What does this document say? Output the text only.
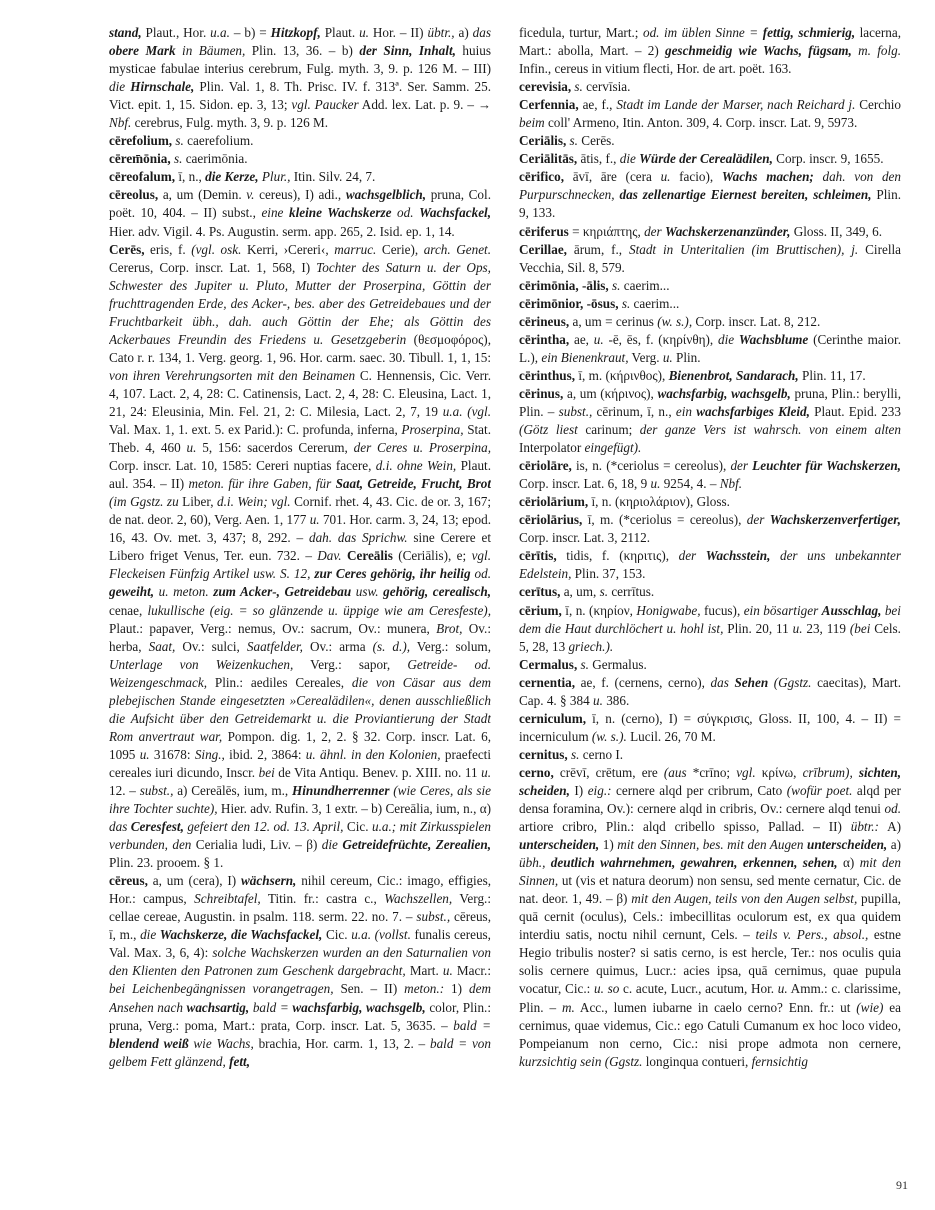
stand, Plaut., Hor. u.a. – b) = Hitzkopf, Plaut. u. Hor. – II) übtr., a) das obere Mark in Bäumen, Plin. 13, 36. – b) der Sinn, Inhalt, huius mysticae fabulae interius cerebrum, Fulg. myth. 3, 9. p. 126 M. – III) die Hirnschale, Plin. Val. 1, 8. Th. Prisc. IV. f. 313ª. Ser. Samm. 25. Vict. epit. 1, 15. Sidon. ep. 3, 13; vgl. Paucker Add. lex. Lat. p. 9. – → Nbf. cerebrus, Fulg. myth. 3, 9. p. 126 M.

cērefolium, s. caerefolium.

cērem̄ōnia, s. caerimōnia.

cēreofalum, ī, n., die Kerze, Plur., Itin. Silv. 24, 7.

cēreolus, a, um (Demin. v. cereus), I) adi., wachsgelblich, pruna, Col. poët. 10, 404. – II) subst., eine kleine Wachskerze od. Wachsfackel, Hier. adv. Vigil. 4. Ps. Augustin. serm. app. 265, 2. Isid. ep. 1, 14.

Cerēs, eris, f. (vgl. osk. Kerri, ›Cereri‹, marruc. Cerie), arch. Genet. Cererus, Corp. inscr. Lat. 1, 568, I) Tochter des Saturn u. der Ops, Schwester des Jupiter u. Pluto, Mutter der Proserpina, Göttin der fruchttragenden Erde, des Acker-, bes. aber des Getreidebaues und der Fruchtbarkeit übh., dah. auch Göttin der Ehe; als Göttin des Ackerbaues Freundin des Friedens u. Gesetzgeberin (θεσμοφόρος), Cato r. r. 134, 1. Verg. georg. 1, 96. Hor. carm. saec. 30. Tibull. 1, 1, 15: von ihren Verehrungsorten mit den Beinamen C. Hennensis, Cic. Verr. 4, 107. Lact. 2, 4, 28: C. Catinensis, Lact. 2, 4, 28: C. Eleusina, Lact. 1, 21, 24: Eleusinia, Min. Fel. 21, 2: C. Milesia, Lact. 2, 7, 19 u.a. (vgl. Val. Max. 1, 1. ext. 5. ex Parid.): C. profunda, inferna, Proserpina, Stat. Theb. 4, 460 u. 5, 156: sacerdos Cererum, der Ceres u. Proserpina, Corp. inscr. Lat. 10, 1585: Cereri nuptias facere, d.i. ohne Wein, Plaut. aul. 354. – II) meton. für ihre Gaben, für Saat, Getreide, Frucht, Brot (im Ggstz. zu Liber, d.i. Wein; vgl. Cornif. rhet. 4, 43. Cic. de or. 3, 167; de nat. deor. 2, 60), Verg. Aen. 1, 177 u. 701. Hor. carm. 3, 24, 13; epod. 16, 43. Ov. met. 3, 437; 8, 292. – dah. das Sprichw. sine Cerere et Libero friget Venus, Ter. eun. 732. – Dav. Cereālis (Ceriālis), e; vgl. Fleckeisen Fünfzig Artikel usw. S. 12, zur Ceres gehörig, ihr heilig od. geweiht, u. meton. zum Acker-, Getreidebau usw. gehörig, cerealisch, cenae, lukullische (eig. = so glänzende u. üppige wie am Ceresfeste), Plaut.: papaver, Verg.: nemus, Ov.: sacrum, Ov.: munera, Brot, Ov.: herba, Saat, Ov.: sulci, Saatfelder, Ov.: arma (s. d.), Verg.: solum, Unterlage von Weizenkuchen, Verg.: sapor, Getreide- od. Weizengeschmack, Plin.: aediles Cereales, die von Cäsar aus dem plebejischen Stande eingesetzten »Cerealädilen«, denen ausschließlich die Aufsicht über den Getreidemarkt u. die Proviantierung der Stadt Rom anvertraut war, Pompon. dig. 1, 2, 2. § 32. Corp. inscr. Lat. 6, 1095 u. 31678: Sing., ibid. 2, 3864: u. ähnl. in den Kolonien, praefecti cereales iuri dicundo, Inscr. bei de Vita Antiqu. Benev. p. XIII. no. 11 u. 12. – subst., a) Cereālēs, ium, m., Hinundherrenner (wie Ceres, als sie ihre Tochter suchte), Hier. adv. Rufin. 3, 1 extr. – b) Cereālia, ium, n., α) das Ceresfest, gefeiert den 12. od. 13. April, Cic. u.a.; mit Zirkusspielen verbunden, den Cerialia ludi, Liv. – β) die Getreidefrüchte, Zerealien, Plin. 23. prooem. § 1.

cēreus, a, um (cera), I) wächsern, nihil cereum, Cic.: imago, effigies, Hor.: campus, Schreibtafel, Titin. fr.: castra c., Wachszellen, Verg.: cellae cereae, Augustin. in psalm. 118. serm. 22. no. 7. – subst., cēreus, ī, m., die Wachskerze, die Wachsfackel, Cic. u.a. (vollst. funalis cereus, Val. Max. 3, 6, 4): solche Wachskerzen wurden an den Saturnalien von den Klienten den Patronen zum Geschenk dargebracht, Mart. u. Macr.: bei Leichenbegängnissen vorangetragen, Sen. – II) meton.: 1) dem Ansehen nach wachsartig, bald = wachsfarbig, wachsgelb, color, Plin.: pruna, Verg.: poma, Mart.: prata, Corp. inscr. Lat. 5, 3635. – bald = blendend weiß wie Wachs, brachia, Hor. carm. 1, 13, 2. – bald = von gelbem Fett glänzend, fett,

ficedula, turtur, Mart.; od. im üblen Sinne = fettig, schmierig, lacerna, Mart.: abolla, Mart. – 2) geschmeidig wie Wachs, fügsam, m. folg. Infin., cereus in vitium flecti, Hor. de art. poët. 163.

cerevisia, s. cervīsia.

Cerfennia, ae, f., Stadt im Lande der Marser, nach Reichard j. Cerchio beim coll' Armeno, Itin. Anton. 309, 4. Corp. inscr. Lat. 9, 5973.

Ceriālis, s. Cerēs.

Ceriālitās, ātis, f., die Würde der Cerealädilen, Corp. inscr. 9, 1655.

cērifico, āvī, āre (cera u. facio), Wachs machen; dah. von den Purpurschnecken, das zellenartige Eiernest bereiten, schleimen, Plin. 9, 133.

cēriferus = κηριάπτης, der Wachskerzenanzünder, Gloss. II, 349, 6.

Cerillae, ārum, f., Stadt in Unteritalien (im Bruttischen), j. Cirella Vecchia, Sil. 8, 579.

cērimōnia, -ālis, s. caerim...

cērimōnior, -ōsus, s. caerim...

cērineus, a, um = cerinus (w. s.), Corp. inscr. Lat. 8, 212.

cērintha, ae, u. -ē, ēs, f. (κηρίνθη), die Wachsblume (Cerinthe maior. L.), ein Bienenkraut, Verg. u. Plin.

cērinthus, ī, m. (κήρινθος), Bienenbrot, Sandarach, Plin. 11, 17.

cērinus, a, um (κήρινος), wachsfarbig, wachsgelb, pruna, Plin.: berylli, Plin. – subst., cērinum, ī, n., ein wachsfarbiges Kleid, Plaut. Epid. 233 (Götz liest carinum; der ganze Vers ist wahrsch. von einem alten Interpolator eingefügt).

cēriolāre, is, n. (*ceriolus = cereolus), der Leuchter für Wachskerzen, Corp. inscr. Lat. 6, 18, 9 u. 9254, 4. – Nbf.

cēriolārium, ī, n. (κηριολάριον), Gloss.

cēriolārius, ī, m. (*ceriolus = cereolus), der Wachskerzenverfertiger, Corp. inscr. Lat. 3, 2112.

cērītis, tidis, f. (κηριτις), der Wachsstein, der uns unbekannter Edelstein, Plin. 37, 153.

cerītus, a, um, s. cerrītus.

cērium, ī, n. (κηρίον, Honigwabe, fucus), ein bösartiger Ausschlag, bei dem die Haut durchlöchert u. hohl ist, Plin. 20, 11 u. 23, 119 (bei Cels. 5, 28, 13 griech.).

Cermalus, s. Germalus.

cernentia, ae, f. (cernens, cerno), das Sehen (Ggstz. caecitas), Mart. Cap. 4. § 384 u. 386.

cerniculum, ī, n. (cerno), I) = σύγκρισις, Gloss. II, 100, 4. – II) = incerniculum (w. s.). Lucil. 26, 70 M.

cernitus, s. cerno I.

cerno, crēvī, crētum, ere (aus *crīno; vgl. κρίνω, crībrum), sichten, scheiden, I) eig.: cernere alqd per cribrum, Cato (wofür poet. alqd per densa foramina, Ov.): cernere alqd in cribris, Ov.: cernere alqd tenui od. artiore cribro, Plin.: alqd cribello spisso, Pallad. – II) übtr.: A) unterscheiden, 1) mit den Sinnen, bes. mit den Augen unterscheiden, a) übh., deutlich wahrnehmen, gewahren, erkennen, sehen, α) mit den Sinnen, ut (vis et natura deorum) non sensu, sed mente cernatur, Cic. de nat. deor. 1, 49. – β) mit den Augen, teils von den Augen selbst, pupilla, quā cernit (oculus), Cels.: imbecillitas oculorum est, ex qua quidem interdiu satis, noctu nihil cernunt, Cels. – teils v. Pers., absol., estne Hegio tribulis noster? si satis cerno, is est hercle, Ter.: nos oculis quia solis cernere quimus, Lucr.: acies ipsa, quā cernimus, quae pupula vocatur, Cic.: u. so c. acute, Lucr., acutum, Hor. u. Amm.: c. clarissime, Plin. – m. Acc., lumen iubarne in caelo cerno? Enn. fr.: ut (wie) ea cernimus, quae videmus, Cic.: ego Catuli Cumanum ex hoc loco video, Pompeianum non cerno, Cic.: nisi prope admota non cernere, kurzsichtig sein (Ggstz. longinqua contueri, fernsichtig

91
